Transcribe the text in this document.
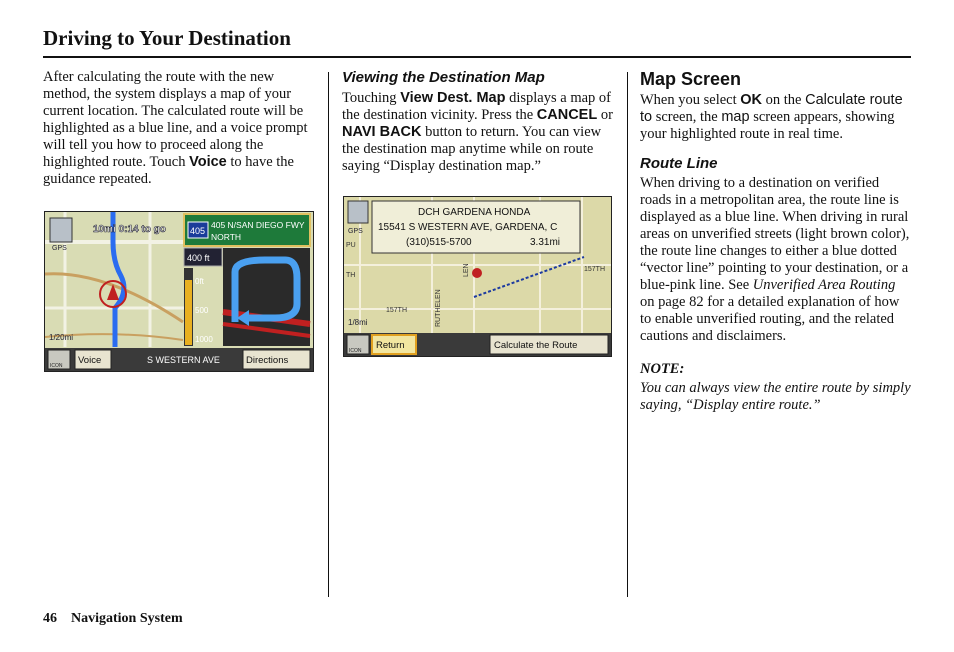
Driving to Your Destination

After calculating the route with the new method, the system displays a map of your current location. The calculated route will be highlighted as a blue line, and a voice prompt will tell you how to proceed along the highlighted route. Touch Voice to have the guidance repeated.

GPS
10mi 0:14 to go	405
405 N/SAN DIEGO FWY
NORTH
400 ft
0ft
500
1000
1/20mi
ICON Voice	S WESTERN AVE	Directions

Viewing the Destination Map

Touching View Dest. Map displays a map of the destination vicinity. Press the CANCEL or NAVI BACK button to return. You can view the destination map anytime while on route saying “Display destination map.”

DCH GARDENA HONDA
15541 S WESTERN AVE, GARDENA, C
(310)515-5700	3.31mi
GPS
PU
TH
157TH
157TH
RUTHELEN
LEN
1/8mi
ICON Return	Calculate the Route

Map Screen

When you select OK on the Calculate route to screen, the map screen appears, showing your highlighted route in real time.

Route Line

When driving to a destination on verified roads in a metropolitan area, the route line is displayed as a blue line. When driving in rural areas on unverified streets (light brown color), the route line changes to either a blue dotted “vector line” pointing to your destination, or a blue-pink line. See Unverified Area Routing on page 82 for a detailed explanation of how to enable unverified routing, and the related cautions and disclaimers.

NOTE:

You can always view the entire route by simply saying, “Display entire route.”

46 Navigation System
